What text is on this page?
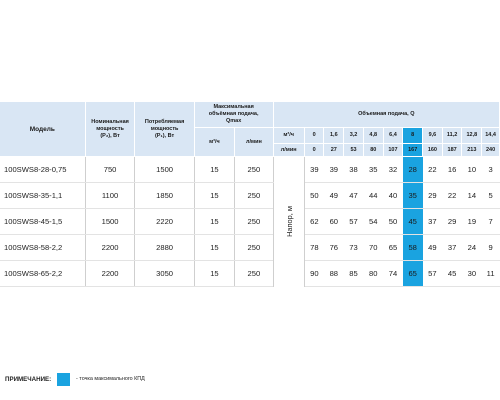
Модель	Номинальная
мощность
(P₂), Вт	Потребляемая
мощность
(P₁), Вт	Максимальная
объёмная подача,
Qmax		Объемная подача, Q										
			м³/ч	л/мин	м³/ч	0	1,6	3,2	4,8	6,4	8	9,6	11,2	12,8	14,4
					л/мин	0	27	53	80	107	167	160	187	213	240
100SWS8-28-0,75	750	1500	15	250	Напор, м	39	39	38	35	32	28	22	16	10	3
100SWS8-35-1,1	1100	1850	15	250		50	49	47	44	40	35	29	22	14	5
100SWS8-45-1,5	1500	2220	15	250		62	60	57	54	50	45	37	29	19	7
100SWS8-58-2,2	2200	2880	15	250		78	76	73	70	65	58	49	37	24	9
100SWS8-65-2,2	2200	3050	15	250		90	88	85	80	74	65	57	45	30	11
ПРИМЕЧАНИЕ:	- точка максимального КПД
